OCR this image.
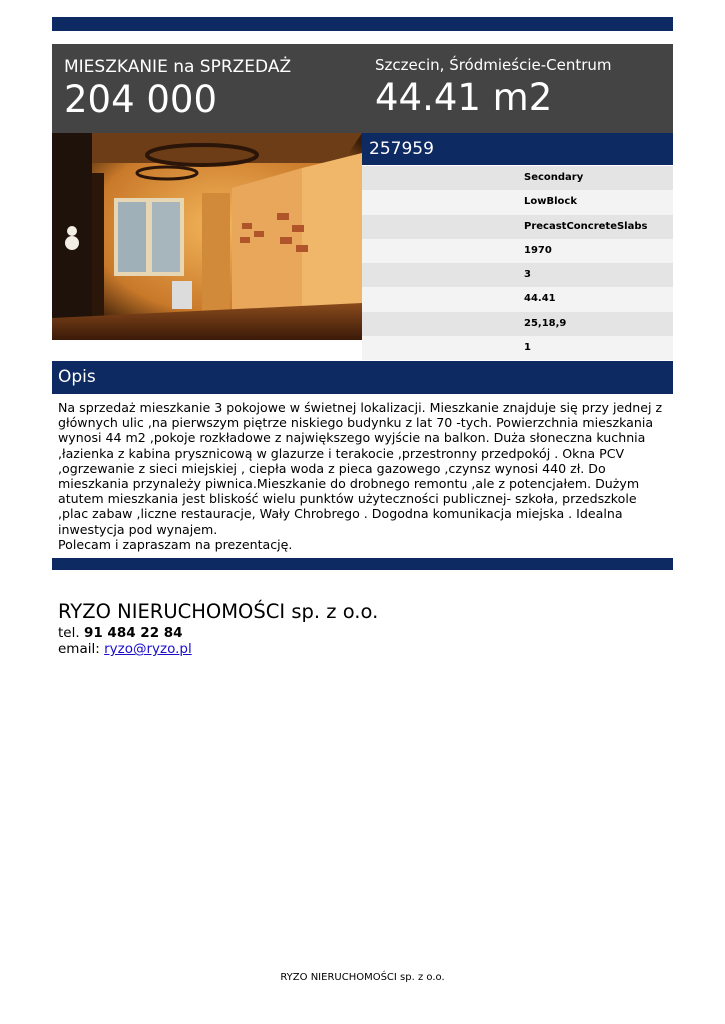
MIESZKANIE na SPRZEDAŻ
204 000
Szczecin, Śródmieście-Centrum
44.41 m2
257959
Secondary
LowBlock
PrecastConcreteSlabs
1970
3
44.41
25,18,9
1
Opis

Na sprzedaż mieszkanie 3 pokojowe w świetnej lokalizacji. Mieszkanie znajduje się przy jednej z głównych ulic ,na pierwszym piętrze niskiego budynku z lat 70 -tych. Powierzchnia mieszkania wynosi 44 m2 ,pokoje rozkładowe z największego wyjście na balkon. Duża słoneczna kuchnia ,łazienka z kabina prysznicową w glazurze i terakocie ,przestronny przedpokój . Okna PCV ,ogrzewanie z sieci miejskiej , ciepła woda z pieca gazowego ,czynsz wynosi 440 zł. Do mieszkania przynależy piwnica.Mieszkanie do drobnego remontu ,ale z potencjałem. Dużym atutem mieszkania jest bliskość wielu punktów użyteczności publicznej- szkoła, przedszkole ,plac zabaw ,liczne restauracje, Wały Chrobrego . Dogodna komunikacja miejska . Idealna inwestycja pod wynajem.

Polecam i zapraszam na prezentację.

RYZO NIERUCHOMOŚCI sp. z o.o.
tel. 91 484 22 84
email: ryzo@ryzo.pl
RYZO NIERUCHOMOŚCI sp. z o.o.
